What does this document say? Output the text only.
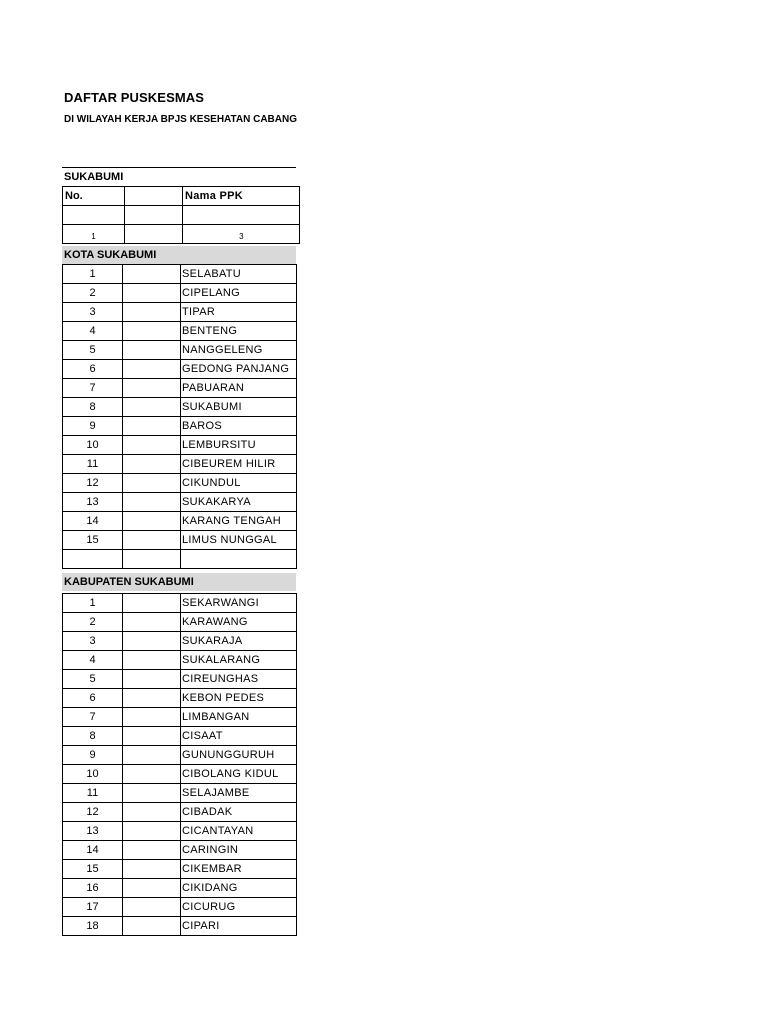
DAFTAR PUSKESMAS
DI WILAYAH KERJA BPJS KESEHATAN CABANG
SUKABUMI
No.		Nama PPK

1		3
KOTA SUKABUMI
1		SELABATU
2		CIPELANG
3		TIPAR
4		BENTENG
5		NANGGELENG
6		GEDONG PANJANG
7		PABUARAN
8		SUKABUMI
9		BAROS
10		LEMBURSITU
11		CIBEUREM HILIR
12		CIKUNDUL
13		SUKAKARYA
14		KARANG TENGAH
15		LIMUS NUNGGAL

KABUPATEN SUKABUMI
1		SEKARWANGI
2		KARAWANG
3		SUKARAJA
4		SUKALARANG
5		CIREUNGHAS
6		KEBON PEDES
7		LIMBANGAN
8		CISAAT
9		GUNUNGGURUH
10		CIBOLANG KIDUL
11		SELAJAMBE
12		CIBADAK
13		CICANTAYAN
14		CARINGIN
15		CIKEMBAR
16		CIKIDANG
17		CICURUG
18		CIPARI
